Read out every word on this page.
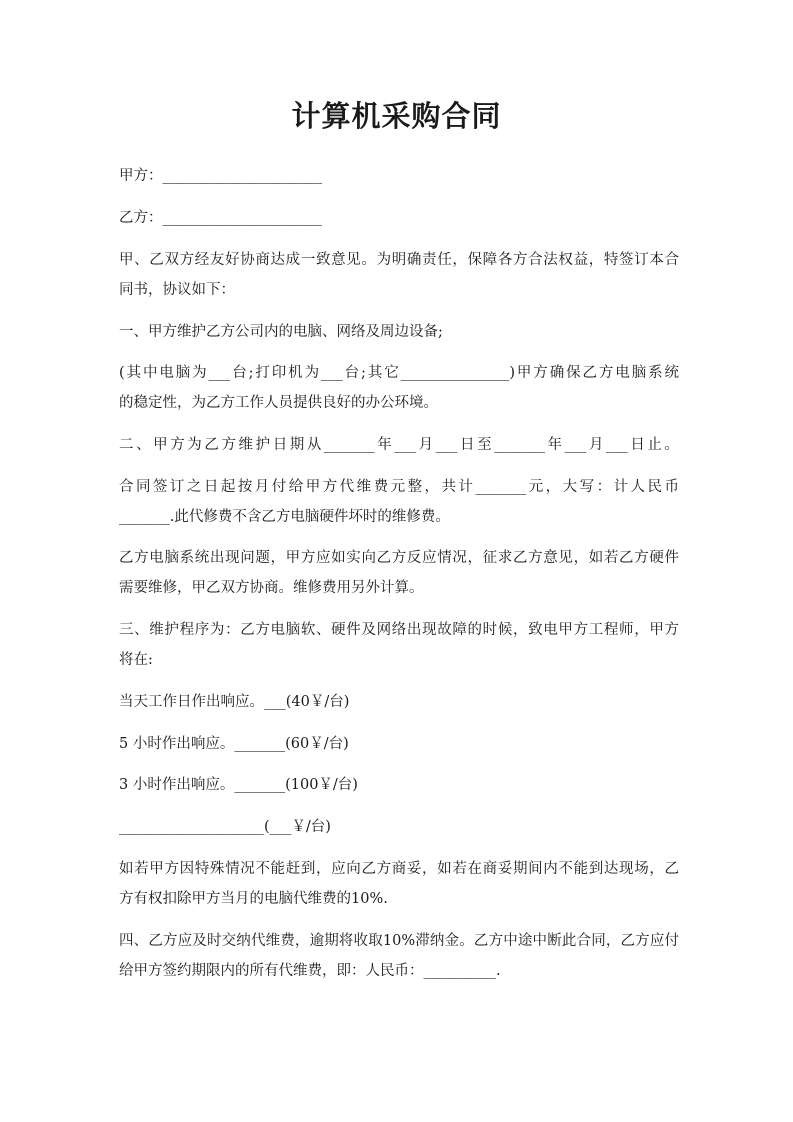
计算机采购合同

甲方：______________________

乙方：______________________

甲、乙双方经友好协商达成一致意见。为明确责任，保障各方合法权益，特签订本合

同书，协议如下：

一、甲方维护乙方公司内的电脑、网络及周边设备;

(其中电脑为___台;打印机为___台;其它_______________)甲方确保乙方电脑系统

的稳定性，为乙方工作人员提供良好的办公环境。

二、甲方为乙方维护日期从_______年___月___日至_______年___月___日止。

合同签订之日起按月付给甲方代维费元整，共计_______元，大写：计人民币

_______.此代修费不含乙方电脑硬件坏时的维修费。

乙方电脑系统出现问题，甲方应如实向乙方反应情况，征求乙方意见，如若乙方硬件

需要维修，甲乙双方协商。维修费用另外计算。

三、维护程序为：乙方电脑软、硬件及网络出现故障的时候，致电甲方工程师，甲方

将在:

当天工作日作出响应。___(40￥/台)

5 小时作出响应。_______(60￥/台)

3 小时作出响应。_______(100￥/台)

____________________(___￥/台)

如若甲方因特殊情况不能赶到，应向乙方商妥，如若在商妥期间内不能到达现场，乙

方有权扣除甲方当月的电脑代维费的10%.

四、乙方应及时交纳代维费，逾期将收取10%滞纳金。乙方中途中断此合同，乙方应付

给甲方签约期限内的所有代维费，即：人民币：__________.
